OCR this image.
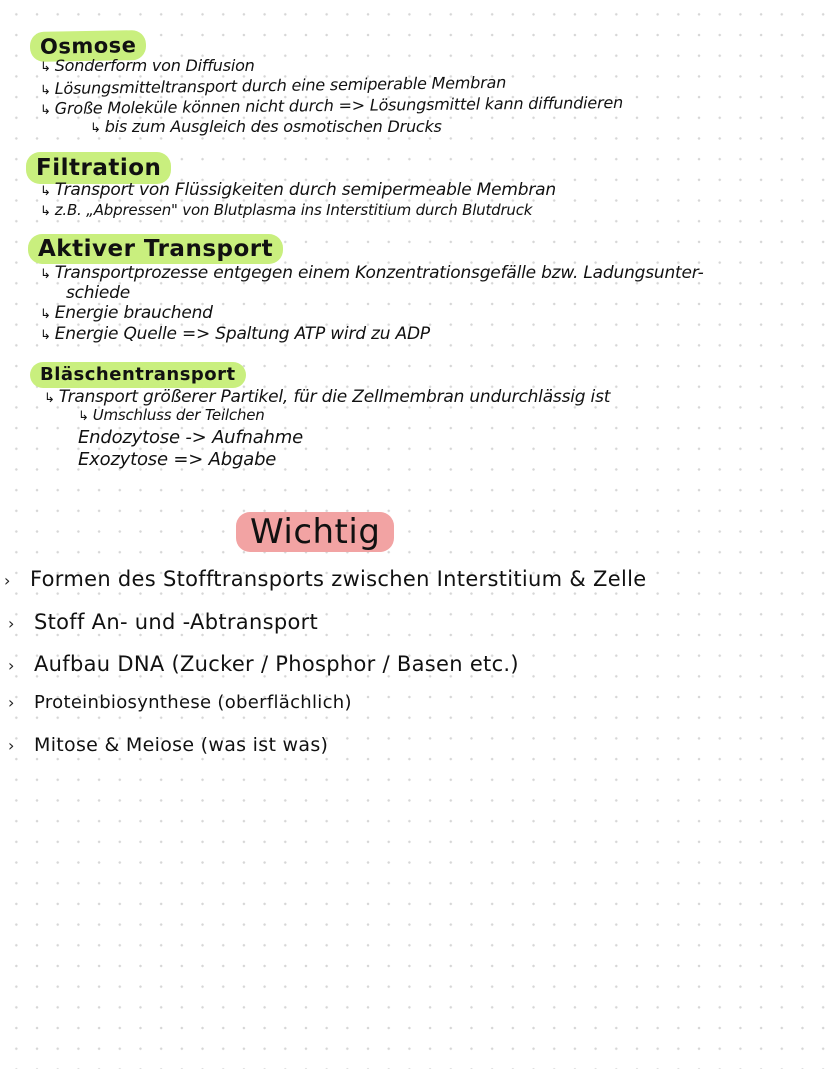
Osmose
↳ Sonderform von Diffusion
↳ Lösungsmitteltransport durch eine semiperable Membran
↳ Große Moleküle können nicht durch => Lösungsmittel kann diffundieren
↳ bis zum Ausgleich des osmotischen Drucks
Filtration
↳ Transport von Flüssigkeiten durch semipermeable Membran
↳ z.B. „Abpressen" von Blutplasma ins Interstitium durch Blutdruck
Aktiver Transport
↳ Transportprozesse entgegen einem Konzentrationsgefälle bzw. Ladungsunter-
schiede
↳ Energie brauchend
↳ Energie Quelle => Spaltung ATP wird zu ADP
Bläschentransport
↳ Transport größerer Partikel, für die Zellmembran undurchlässig ist
↳ Umschluss der Teilchen
Endozytose -> Aufnahme
Exozytose => Abgabe
Wichtig
› Formen des Stofftransports zwischen Interstitium & Zelle
› Stoff An- und -Abtransport
› Aufbau DNA (Zucker / Phosphor / Basen etc.)
› Proteinbiosynthese (oberflächlich)
› Mitose & Meiose (was ist was)
